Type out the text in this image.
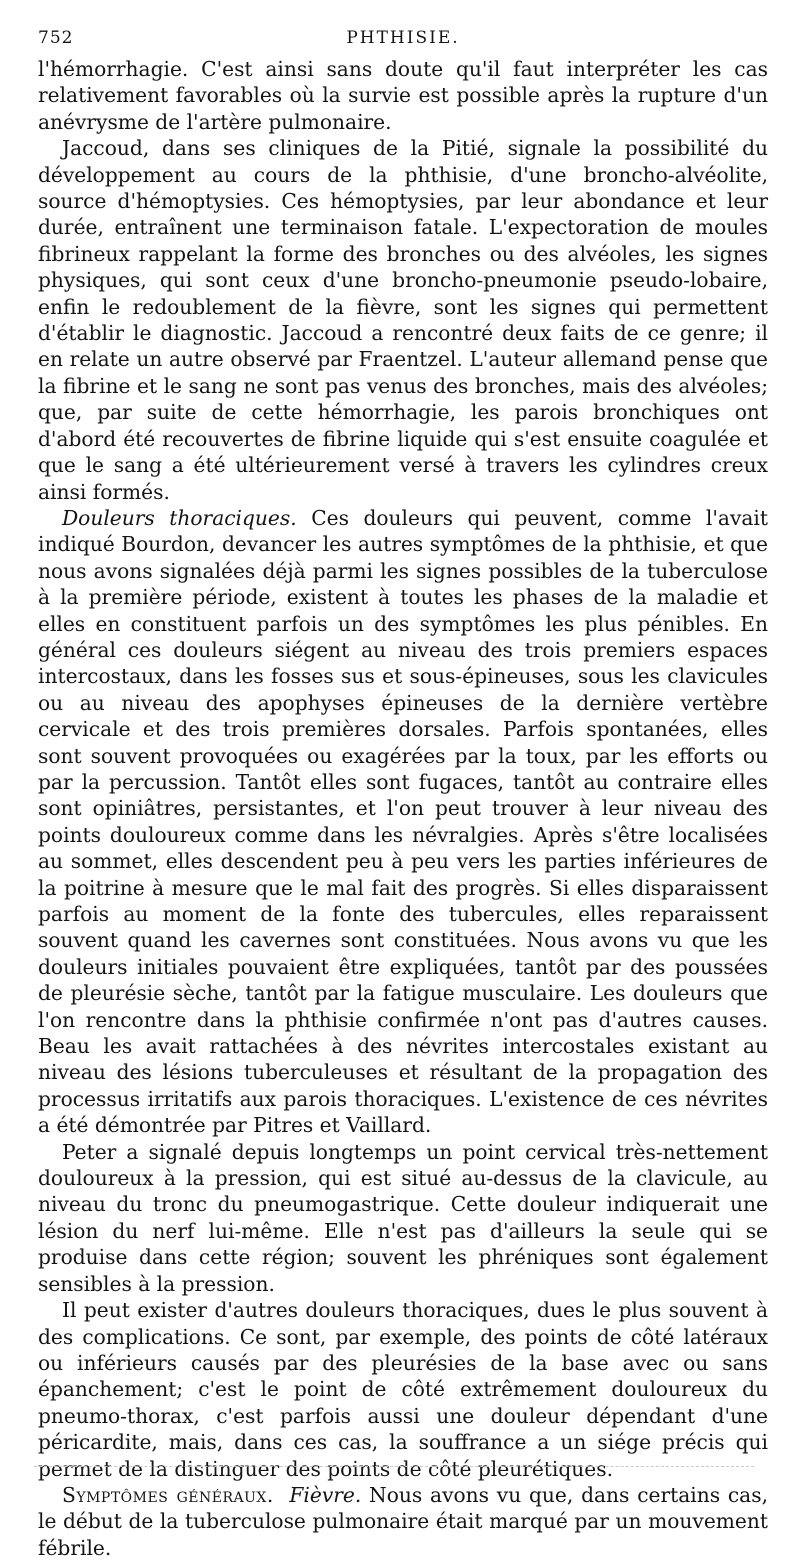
752	PHTHISIE.

l'hémorrhagie. C'est ainsi sans doute qu'il faut interpréter les cas relativement favorables où la survie est possible après la rupture d'un anévrysme de l'artère pulmonaire.

Jaccoud, dans ses cliniques de la Pitié, signale la possibilité du développement au cours de la phthisie, d'une broncho-alvéolite, source d'hémoptysies. Ces hémoptysies, par leur abondance et leur durée, entraînent une terminaison fatale. L'expectoration de moules fibrineux rappelant la forme des bronches ou des alvéoles, les signes physiques, qui sont ceux d'une broncho-pneumonie pseudo-lobaire, enfin le redoublement de la fièvre, sont les signes qui permettent d'établir le diagnostic. Jaccoud a rencontré deux faits de ce genre; il en relate un autre observé par Fraentzel. L'auteur allemand pense que la fibrine et le sang ne sont pas venus des bronches, mais des alvéoles; que, par suite de cette hémorrhagie, les parois bronchiques ont d'abord été recouvertes de fibrine liquide qui s'est ensuite coagulée et que le sang a été ultérieurement versé à travers les cylindres creux ainsi formés.

Douleurs thoraciques. Ces douleurs qui peuvent, comme l'avait indiqué Bourdon, devancer les autres symptômes de la phthisie, et que nous avons signalées déjà parmi les signes possibles de la tuberculose à la première période, existent à toutes les phases de la maladie et elles en constituent parfois un des symptômes les plus pénibles. En général ces douleurs siégent au niveau des trois premiers espaces intercostaux, dans les fosses sus et sous-épineuses, sous les clavicules ou au niveau des apophyses épineuses de la dernière vertèbre cervicale et des trois premières dorsales. Parfois spontanées, elles sont souvent provoquées ou exagérées par la toux, par les efforts ou par la percussion. Tantôt elles sont fugaces, tantôt au contraire elles sont opiniâtres, persistantes, et l'on peut trouver à leur niveau des points douloureux comme dans les névralgies. Après s'être localisées au sommet, elles descendent peu à peu vers les parties inférieures de la poitrine à mesure que le mal fait des progrès. Si elles disparaissent parfois au moment de la fonte des tubercules, elles reparaissent souvent quand les cavernes sont constituées. Nous avons vu que les douleurs initiales pouvaient être expliquées, tantôt par des poussées de pleurésie sèche, tantôt par la fatigue musculaire. Les douleurs que l'on rencontre dans la phthisie confirmée n'ont pas d'autres causes. Beau les avait rattachées à des névrites intercostales existant au niveau des lésions tuberculeuses et résultant de la propagation des processus irritatifs aux parois thoraciques. L'existence de ces névrites a été démontrée par Pitres et Vaillard.

Peter a signalé depuis longtemps un point cervical très-nettement douloureux à la pression, qui est situé au-dessus de la clavicule, au niveau du tronc du pneumogastrique. Cette douleur indiquerait une lésion du nerf lui-même. Elle n'est pas d'ailleurs la seule qui se produise dans cette région; souvent les phréniques sont également sensibles à la pression.

Il peut exister d'autres douleurs thoraciques, dues le plus souvent à des complications. Ce sont, par exemple, des points de côté latéraux ou inférieurs causés par des pleurésies de la base avec ou sans épanchement; c'est le point de côté extrêmement douloureux du pneumo-thorax, c'est parfois aussi une douleur dépendant d'une péricardite, mais, dans ces cas, la souffrance a un siége précis qui permet de la distinguer des points de côté pleurétiques.

Symptômes généraux. Fièvre. Nous avons vu que, dans certains cas, le début de la tuberculose pulmonaire était marqué par un mouvement fébrile.
